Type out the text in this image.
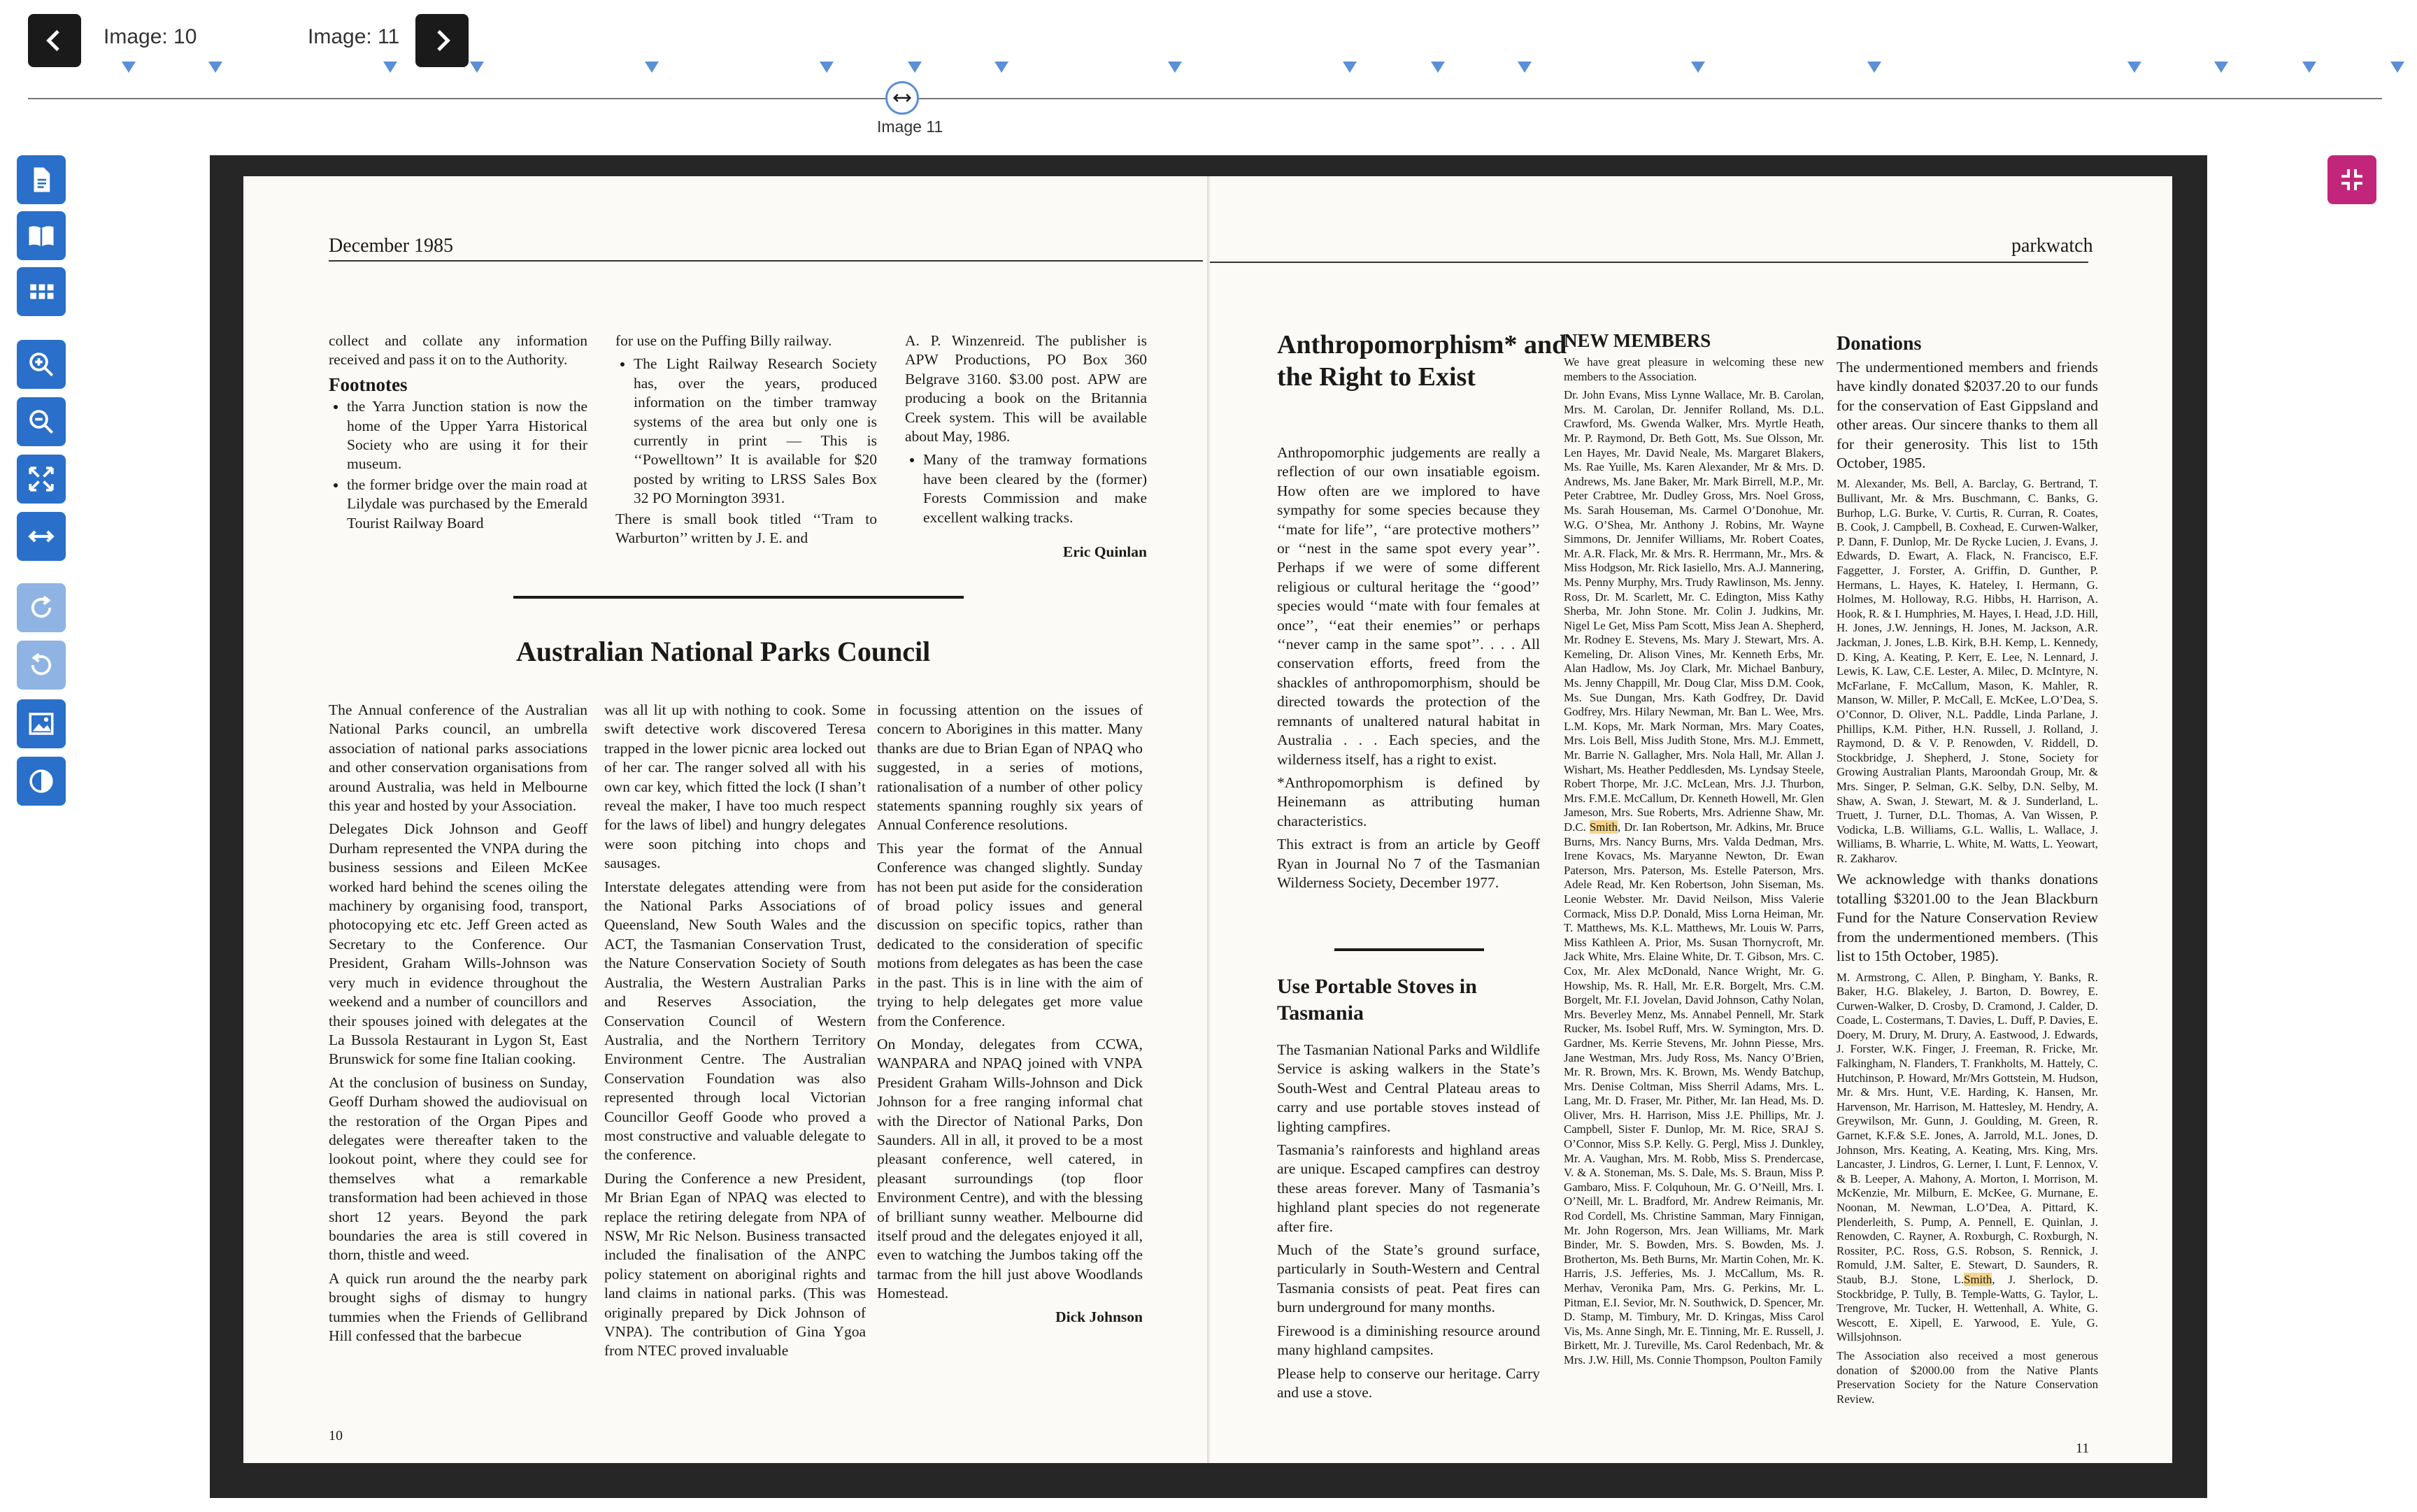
Image: 10	Image: 11
Image 11
December 1985	parkwatch

collect and collate any information received and pass it on to the Authority.

Footnotes
• the Yarra Junction station is now the home of the Upper Yarra Historical Society who are using it for their museum.
• the former bridge over the main road at Lilydale was purchased by the Emerald Tourist Railway Board

for use on the Puffing Billy railway.

• The Light Railway Research Society has, over the years, produced information on the timber tramway systems of the area but only one is currently in print — This is ‘‘Powelltown’’ It is available for $20 posted by writing to LRSS Sales Box 32 PO Mornington 3931.

There is small book titled ‘‘Tram to Warburton’’ written by J. E. and

A. P. Winzenreid. The publisher is APW Productions, PO Box 360 Belgrave 3160. $3.00 post. APW are producing a book on the Britannia Creek system. This will be available about May, 1986.

• Many of the tramway formations have been cleared by the (former) Forests Commission and make excellent walking tracks.

Eric Quinlan

Australian National Parks Council

The Annual conference of the Australian National Parks council, an umbrella association of national parks associations and other conservation organisations from around Australia, was held in Melbourne this year and hosted by your Association.

Delegates Dick Johnson and Geoff Durham represented the VNPA during the business sessions and Eileen McKee worked hard behind the scenes oiling the machinery by organising food, transport, photocopying etc etc. Jeff Green acted as Secretary to the Conference. Our President, Graham Wills-Johnson was very much in evidence throughout the weekend and a number of councillors and their spouses joined with delegates at the La Bussola Restaurant in Lygon St, East Brunswick for some fine Italian cooking.

At the conclusion of business on Sunday, Geoff Durham showed the audiovisual on the restoration of the Organ Pipes and delegates were thereafter taken to the lookout point, where they could see for themselves what a remarkable transformation had been achieved in those short 12 years. Beyond the park boundaries the area is still covered in thorn, thistle and weed.

A quick run around the the nearby park brought sighs of dismay to hungry tummies when the Friends of Gellibrand Hill confessed that the barbecue

was all lit up with nothing to cook. Some swift detective work discovered Teresa trapped in the lower picnic area locked out of her car. The ranger solved all with his own car key, which fitted the lock (I shan’t reveal the maker, I have too much respect for the laws of libel) and hungry delegates were soon pitching into chops and sausages.

Interstate delegates attending were from the National Parks Associations of Queensland, New South Wales and the ACT, the Tasmanian Conservation Trust, the Nature Conservation Society of South Australia, the Western Australian Parks and Reserves Association, the Conservation Council of Western Australia, and the Northern Territory Environment Centre. The Australian Conservation Foundation was also represented through local Victorian Councillor Geoff Goode who proved a most constructive and valuable delegate to the conference.

During the Conference a new President, Mr Brian Egan of NPAQ was elected to replace the retiring delegate from NPA of NSW, Mr Ric Nelson. Business transacted included the finalisation of the ANPC policy statement on aboriginal rights and land claims in national parks. (This was originally prepared by Dick Johnson of VNPA). The contribution of Gina Ygoa from NTEC proved invaluable

in focussing attention on the issues of concern to Aborigines in this matter. Many thanks are due to Brian Egan of NPAQ who suggested, in a series of motions, rationalisation of a number of other policy statements spanning roughly six years of Annual Conference resolutions.

This year the format of the Annual Conference was changed slightly. Sunday has not been put aside for the consideration of broad policy issues and general discussion on specific topics, rather than dedicated to the consideration of specific motions from delegates as has been the case in the past. This is in line with the aim of trying to help delegates get more value from the Conference.

On Monday, delegates from CCWA, WANPARA and NPAQ joined with VNPA President Graham Wills-Johnson and Dick Johnson for a free ranging informal chat with the Director of National Parks, Don Saunders. All in all, it proved to be a most pleasant conference, well catered, in pleasant surroundings (top floor Environment Centre), and with the blessing of brilliant sunny weather. Melbourne did itself proud and the delegates enjoyed it all, even to watching the Jumbos taking off the tarmac from the hill just above Woodlands Homestead.

Dick Johnson

10
Anthropomorphism* and the Right to Exist

Anthropomorphic judgements are really a reflection of our own insatiable egoism. How often are we implored to have sympathy for some species because they ‘‘mate for life’’, ‘‘are protective mothers’’ or ‘‘nest in the same spot every year’’. Perhaps if we were of some different religious or cultural heritage the ‘‘good’’ species would ‘‘mate with four females at once’’, ‘‘eat their enemies’’ or perhaps ‘‘never camp in the same spot’’. . . . All conservation efforts, freed from the shackles of anthropomorphism, should be directed towards the protection of the remnants of unaltered natural habitat in Australia . . . Each species, and the wilderness itself, has a right to exist.

*Anthropomorphism is defined by Heinemann as attributing human characteristics.

This extract is from an article by Geoff Ryan in Journal No 7 of the Tasmanian Wilderness Society, December 1977.

Use Portable Stoves in Tasmania

The Tasmanian National Parks and Wildlife Service is asking walkers in the State’s South-West and Central Plateau areas to carry and use portable stoves instead of lighting campfires.

Tasmania’s rainforests and highland areas are unique. Escaped campfires can destroy these areas forever. Many of Tasmania’s highland plant species do not regenerate after fire.

Much of the State’s ground surface, particularly in South-Western and Central Tasmania consists of peat. Peat fires can burn underground for many months.

Firewood is a diminishing resource around many highland campsites.

Please help to conserve our heritage. Carry and use a stove.

NEW MEMBERS

We have great pleasure in welcoming these new members to the Association.

Dr. John Evans, Miss Lynne Wallace, Mr. B. Carolan, Mrs. M. Carolan, Dr. Jennifer Rolland, Ms. D.L. Crawford, Ms. Gwenda Walker, Mrs. Myrtle Heath, Mr. P. Raymond, Dr. Beth Gott, Ms. Sue Olsson, Mr. Len Hayes, Mr. David Neale, Ms. Margaret Blakers, Ms. Rae Yuille, Ms. Karen Alexander, Mr & Mrs. D. Andrews, Ms. Jane Baker, Mr. Mark Birrell, M.P., Mr. Peter Crabtree, Mr. Dudley Gross, Mrs. Noel Gross, Ms. Sarah Houseman, Ms. Carmel O’Donohue, Mr. W.G. O’Shea, Mr. Anthony J. Robins, Mr. Wayne Simmons, Dr. Jennifer Williams, Mr. Robert Coates, Mr. A.R. Flack, Mr. & Mrs. R. Herrmann, Mr., Mrs. & Miss Hodgson, Mr. Rick Iasiello, Mrs. A.J. Mannering, Ms. Penny Murphy, Mrs. Trudy Rawlinson, Ms. Jenny. Ross, Dr. M. Scarlett, Mr. C. Edington, Miss Kathy Sherba, Mr. John Stone. Mr. Colin J. Judkins, Mr. Nigel Le Get, Miss Pam Scott, Miss Jean A. Shepherd, Mr. Rodney E. Stevens, Ms. Mary J. Stewart, Mrs. A. Kemeling, Dr. Alison Vines, Mr. Kenneth Erbs, Mr. Alan Hadlow, Ms. Joy Clark, Mr. Michael Banbury, Ms. Jenny Chappill, Mr. Doug Clar, Miss D.M. Cook, Ms. Sue Dungan, Mrs. Kath Godfrey, Dr. David Godfrey, Mrs. Hilary Newman, Mr. Ban L. Wee, Mrs. L.M. Kops, Mr. Mark Norman, Mrs. Mary Coates, Mrs. Lois Bell, Miss Judith Stone, Mrs. M.J. Emmett, Mr. Barrie N. Gallagher, Mrs. Nola Hall, Mr. Allan J. Wishart, Ms. Heather Peddlesden, Ms. Lyndsay Steele, Robert Thorpe, Mr. J.C. McLean, Mrs. J.J. Thurbon, Mrs. F.M.E. McCallum, Dr. Kenneth Howell, Mr. Glen Jameson, Mrs. Sue Roberts, Mrs. Adrienne Shaw, Mr. D.C. Smith, Dr. Ian Robertson, Mr. Adkins, Mr. Bruce Burns, Mrs. Nancy Burns, Mrs. Valda Dedman, Mrs. Irene Kovacs, Ms. Maryanne Newton, Dr. Ewan Paterson, Mrs. Paterson, Ms. Estelle Paterson, Mrs. Adele Read, Mr. Ken Robertson, John Siseman, Ms. Leonie Webster. Mr. David Neilson, Miss Valerie Cormack, Miss D.P. Donald, Miss Lorna Heiman, Mr. T. Matthews, Ms. K.L. Matthews, Mr. Louis W. Parrs, Miss Kathleen A. Prior, Ms. Susan Thornycroft, Mr. Jack White, Mrs. Elaine White, Dr. T. Gibson, Mrs. C. Cox, Mr. Alex McDonald, Nance Wright, Mr. G. Howship, Ms. R. Hall, Mr. E.R. Borgelt, Mrs. C.M. Borgelt, Mr. F.I. Jovelan, David Johnson, Cathy Nolan, Mrs. Beverley Menz, Ms. Annabel Pennell, Mr. Stark Rucker, Ms. Isobel Ruff, Mrs. W. Symington, Mrs. D. Gardner, Ms. Kerrie Stevens, Mr. Johnn Piesse, Mrs. Jane Westman, Mrs. Judy Ross, Ms. Nancy O’Brien, Mr. R. Brown, Mrs. K. Brown, Ms. Wendy Batchup, Mrs. Denise Coltman, Miss Sherril Adams, Mrs. L. Lang, Mr. D. Fraser, Mr. Pither, Mr. Ian Head, Ms. D. Oliver, Mrs. H. Harrison, Miss J.E. Phillips, Mr. J. Campbell, Sister F. Dunlop, Mr. M. Rice, SRAJ S. O’Connor, Miss S.P. Kelly. G. Pergl, Miss J. Dunkley, Mr. A. Vaughan, Mrs. M. Robb, Miss S. Prendercase, V. & A. Stoneman, Ms. S. Dale, Ms. S. Braun, Miss P. Gambaro, Miss. F. Colquhoun, Mr. G. O’Neill, Mrs. I. O’Neill, Mr. L. Bradford, Mr. Andrew Reimanis, Mr. Rod Cordell, Ms. Christine Samman, Mary Finnigan, Mr. John Rogerson, Mrs. Jean Williams, Mr. Mark Binder, Mr. S. Bowden, Mrs. S. Bowden, Ms. J. Brotherton, Ms. Beth Burns, Mr. Martin Cohen, Mr. K. Harris, J.S. Jefferies, Ms. J. McCallum, Ms. R. Merhav, Veronika Pam, Mrs. G. Perkins, Mr. L. Pitman, E.I. Sevior, Mr. N. Southwick, D. Spencer, Mr. D. Stamp, M. Timbury, Mr. D. Kringas, Miss Carol Vis, Ms. Anne Singh, Mr. E. Tinning, Mr. E. Russell, J. Birkett, Mr. J. Tureville, Ms. Carol Redenbach, Mr. & Mrs. J.W. Hill, Ms. Connie Thompson, Poulton Family

Donations

The undermentioned members and friends have kindly donated $2037.20 to our funds for the conservation of East Gippsland and other areas. Our sincere thanks to them all for their generosity. This list to 15th October, 1985.

M. Alexander, Ms. Bell, A. Barclay, G. Bertrand, T. Bullivant, Mr. & Mrs. Buschmann, C. Banks, G. Burhop, L.G. Burke, V. Curtis, R. Curran, R. Coates, B. Cook, J. Campbell, B. Coxhead, E. Curwen-Walker, P. Dann, F. Dunlop, Mr. De Rycke Lucien, J. Evans, J. Edwards, D. Ewart, A. Flack, N. Francisco, E.F. Faggetter, J. Forster, A. Griffin, D. Gunther, P. Hermans, L. Hayes, K. Hateley, I. Hermann, G. Holmes, M. Holloway, R.G. Hibbs, H. Harrison, A. Hook, R. & I. Humphries, M. Hayes, I. Head, J.D. Hill, H. Jones, J.W. Jennings, H. Jones, M. Jackson, A.R. Jackman, J. Jones, L.B. Kirk, B.H. Kemp, L. Kennedy, D. King, A. Keating, P. Kerr, E. Lee, N. Lennard, J. Lewis, K. Law, C.E. Lester, A. Milec, D. McIntyre, N. McFarlane, F. McCallum, Mason, K. Mahler, R. Manson, W. Miller, P. McCall, E. McKee, L.O’Dea, S. O’Connor, D. Oliver, N.L. Paddle, Linda Parlane, J. Phillips, K.M. Pither, H.N. Russell, J. Rolland, J. Raymond, D. & V. P. Renowden, V. Riddell, D. Stockbridge, J. Shepherd, J. Stone, Society for Growing Australian Plants, Maroondah Group, Mr. & Mrs. Singer, P. Selman, G.K. Selby, D.N. Selby, M. Shaw, A. Swan, J. Stewart, M. & J. Sunderland, L. Truett, J. Turner, D.L. Thomas, A. Van Wissen, P. Vodicka, L.B. Williams, G.L. Wallis, L. Wallace, J. Williams, B. Wharrie, L. White, M. Watts, L. Yeowart, R. Zakharov.

We acknowledge with thanks donations totalling $3201.00 to the Jean Blackburn Fund for the Nature Conservation Review from the undermentioned members. (This list to 15th October, 1985).

M. Armstrong, C. Allen, P. Bingham, Y. Banks, R. Baker, H.G. Blakeley, J. Barton, D. Bowrey, E. Curwen-Walker, D. Crosby, D. Cramond, J. Calder, D. Coade, L. Costermans, T. Davies, L. Duff, P. Davies, E. Doery, M. Drury, M. Drury, A. Eastwood, J. Edwards, J. Forster, W.K. Finger, J. Freeman, R. Fricke, Mr. Falkingham, N. Flanders, T. Frankholts, M. Hattely, C. Hutchinson, P. Howard, Mr/Mrs Gottstein, M. Hudson, Mr. & Mrs. Hunt, V.E. Harding, K. Hansen, Mr. Harvenson, Mr. Harrison, M. Hattesley, M. Hendry, A. Greywilson, Mr. Gunn, J. Goulding, M. Green, R. Garnet, K.F.& S.E. Jones, A. Jarrold, M.L. Jones, D. Johnson, Mrs. Keating, A. Keating, Mrs. King, Mrs. Lancaster, J. Lindros, G. Lerner, I. Lunt, F. Lennox, V. & B. Leeper, A. Mahony, A. Morton, I. Morrison, M. McKenzie, Mr. Milburn, E. McKee, G. Murnane, E. Noonan, M. Newman, L.O’Dea, A. Pittard, K. Plenderleith, S. Pump, A. Pennell, E. Quinlan, J. Renowden, C. Rayner, A. Roxburgh, C. Roxburgh, N. Rossiter, P.C. Ross, G.S. Robson, S. Rennick, J. Romuld, J.M. Salter, E. Stewart, D. Saunders, R. Staub, B.J. Stone, L.Smith, J. Sherlock, D. Stockbridge, P. Tully, B. Temple-Watts, G. Taylor, L. Trengrove, Mr. Tucker, H. Wettenhall, A. White, G. Wescott, E. Xipell, E. Yarwood, E. Yule, G. Willsjohnson.

The Association also received a most generous donation of $2000.00 from the Native Plants Preservation Society for the Nature Conservation Review.

11
